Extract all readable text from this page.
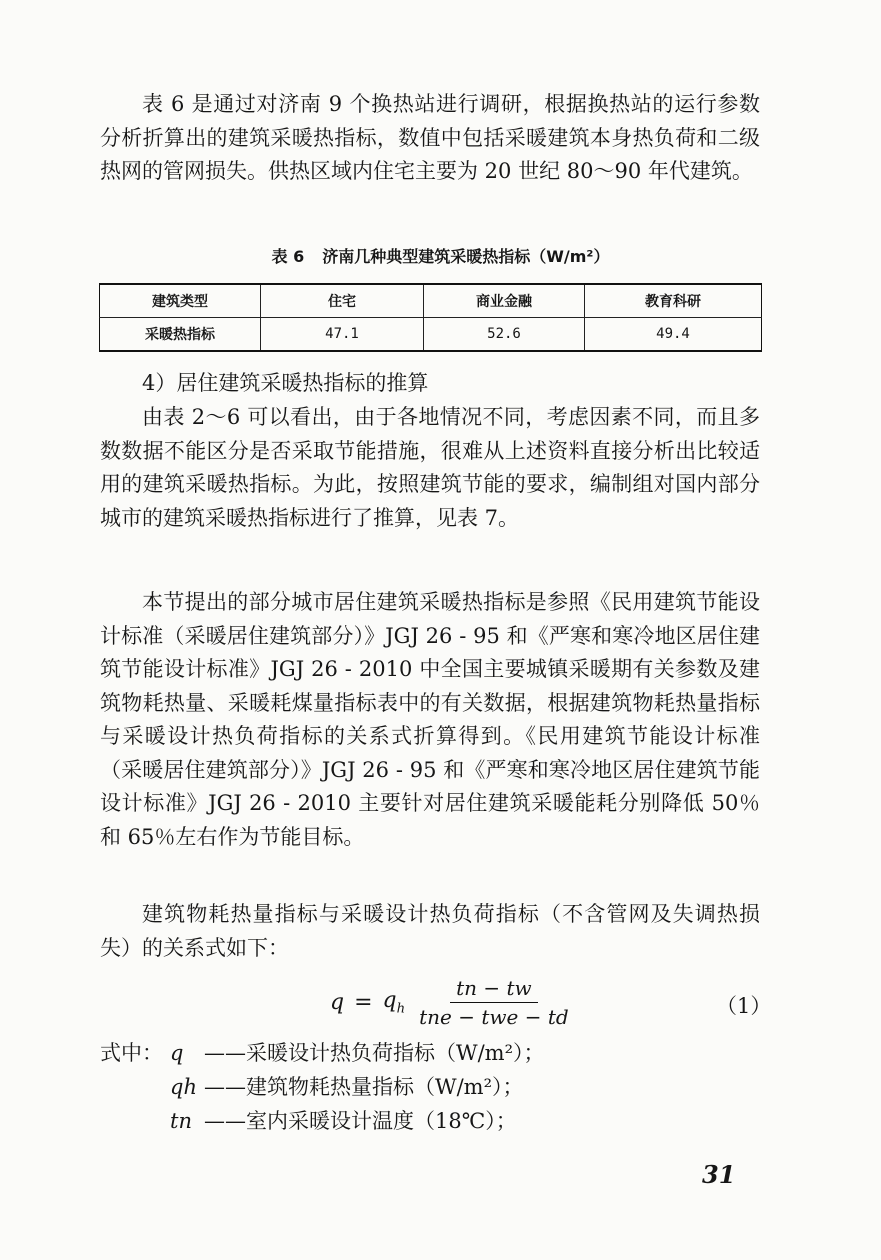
表 6 是通过对济南 9 个换热站进行调研，根据换热站的运行参数分析折算出的建筑采暖热指标，数值中包括采暖建筑本身热负荷和二级热网的管网损失。供热区域内住宅主要为 20 世纪 80～90 年代建筑。

表 6 济南几种典型建筑采暖热指标（W/m²）
建筑类型	住宅	商业金融	教育科研
采暖热指标	47.1	52.6	49.4

4）居住建筑采暖热指标的推算

由表 2～6 可以看出，由于各地情况不同，考虑因素不同，而且多数数据不能区分是否采取节能措施，很难从上述资料直接分析出比较适用的建筑采暖热指标。为此，按照建筑节能的要求，编制组对国内部分城市的建筑采暖热指标进行了推算，见表 7。

本节提出的部分城市居住建筑采暖热指标是参照《民用建筑节能设计标准（采暖居住建筑部分）》JGJ 26 - 95 和《严寒和寒冷地区居住建筑节能设计标准》JGJ 26 - 2010 中全国主要城镇采暖期有关参数及建筑物耗热量、采暖耗煤量指标表中的有关数据，根据建筑物耗热量指标与采暖设计热负荷指标的关系式折算得到。《民用建筑节能设计标准（采暖居住建筑部分）》JGJ 26 - 95 和《严寒和寒冷地区居住建筑节能设计标准》JGJ 26 - 2010 主要针对居住建筑采暖能耗分别降低 50％和 65％左右作为节能目标。

建筑物耗热量指标与采暖设计热负荷指标（不含管网及失调热损失）的关系式如下：

$q = q_h \frac{tn - tw}{\text{tne − twe − td}}$	（1）
式中： q ——采暖设计热负荷指标（W/m²）；
qh ——建筑物耗热量指标（W/m²）；
tn ——室内采暖设计温度（18℃）；
31
